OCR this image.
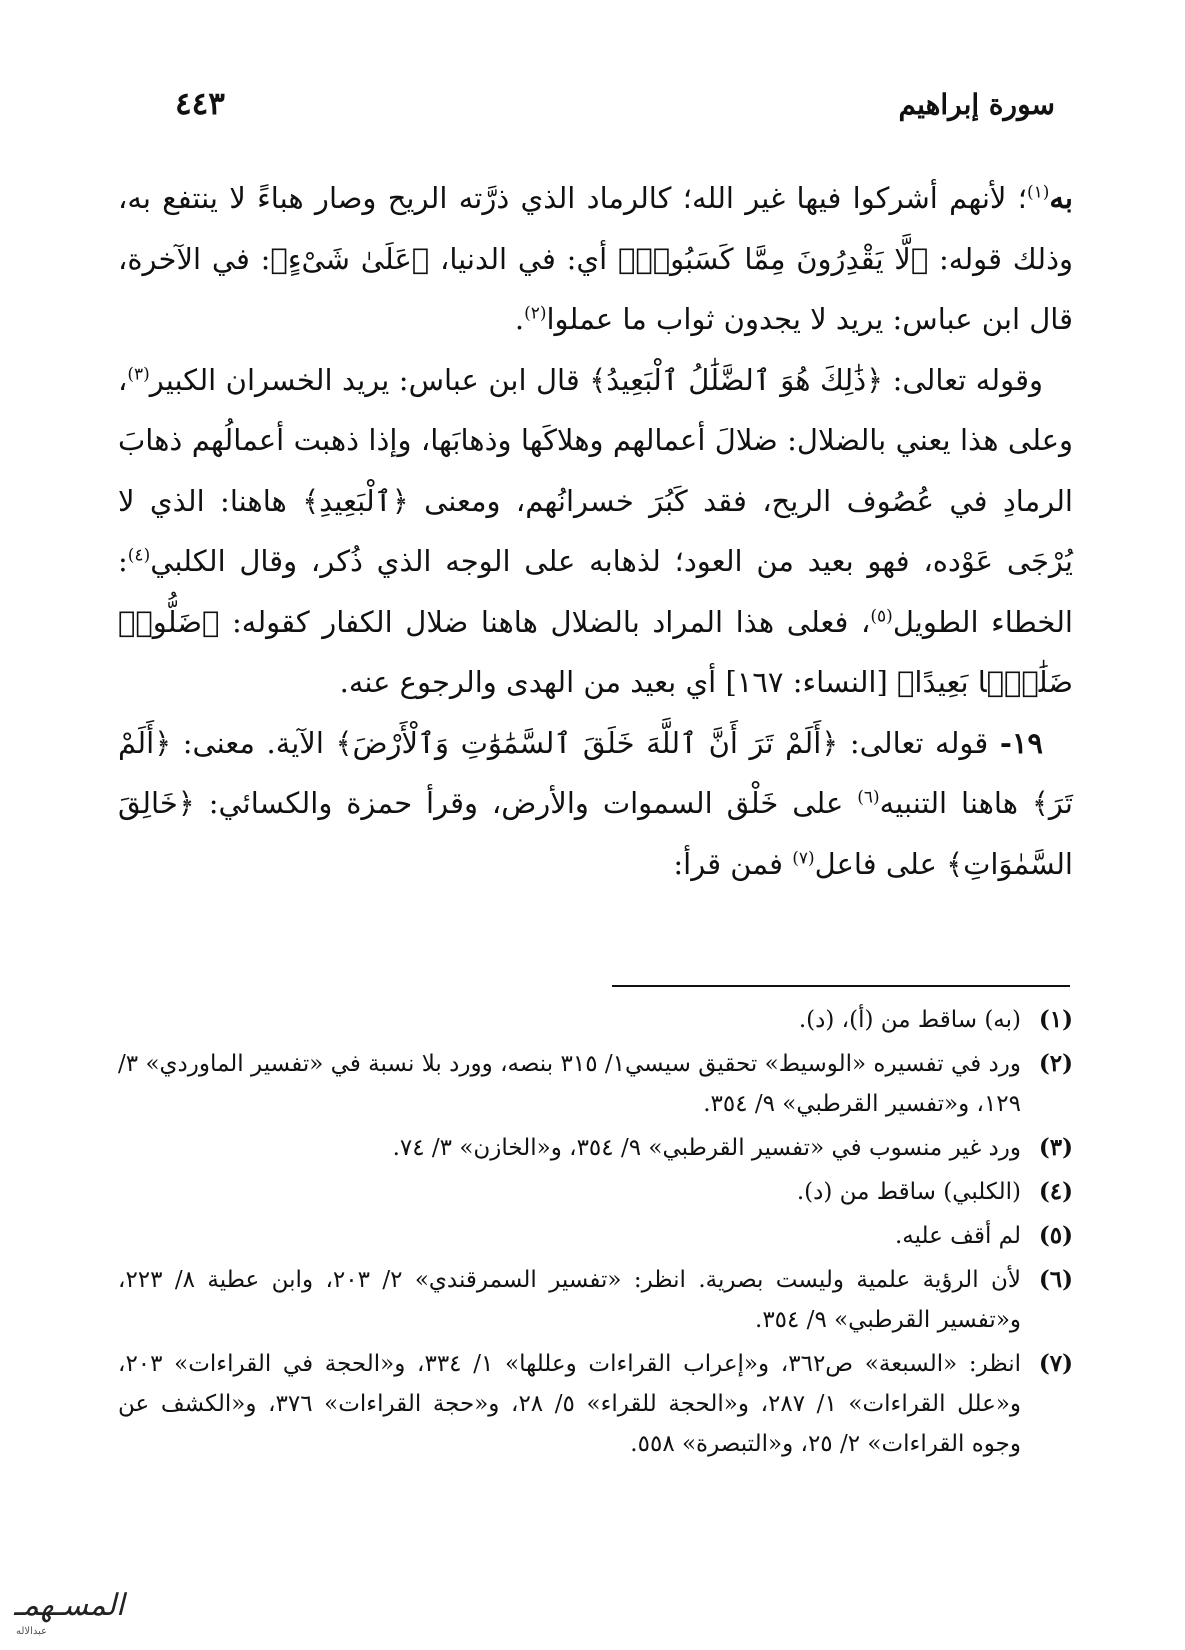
٤٤٣	سورة إبراهيم

به$^{(١)}$؛ لأنهم أشركوا فيها غير الله؛ كالرماد الذي ذرَّته الريح وصار هباءً لا ينتفع به، وذلك قوله: ﴿لَّا يَقْدِرُونَ مِمَّا كَسَبُوا۟﴾ أي: في الدنيا، ﴿عَلَىٰ شَىْءٍ﴾: في الآخرة، قال ابن عباس: يريد لا يجدون ثواب ما عملوا$^{(٢)}$.

وقوله تعالى: ﴿ذَٰلِكَ هُوَ ٱلضَّلَٰلُ ٱلْبَعِيدُ﴾ قال ابن عباس: يريد الخسران الكبير$^{(٣)}$، وعلى هذا يعني بالضلال: ضلالَ أعمالهم وهلاكَها وذهابَها، وإذا ذهبت أعمالُهم ذهابَ الرمادِ في عُصُوف الريح، فقد كَبُرَ خسرانُهم، ومعنى ﴿ٱلْبَعِيدِ﴾ هاهنا: الذي لا يُرْجَى عَوْده، فهو بعيد من العود؛ لذهابه على الوجه الذي ذُكر، وقال الكلبي$^{(٤)}$: الخطاء الطويل$^{(٥)}$، فعلى هذا المراد بالضلال هاهنا ضلال الكفار كقوله: ﴿ضَلُّوا۟ ضَلَٰلًۢا بَعِيدًا﴾ [النساء: ١٦٧] أي بعيد من الهدى والرجوع عنه.

١٩- قوله تعالى: ﴿أَلَمْ تَرَ أَنَّ ٱللَّهَ خَلَقَ ٱلسَّمَٰوَٰتِ وَٱلْأَرْضَ﴾ الآية. معنى: ﴿أَلَمْ تَرَ﴾ هاهنا التنبيه$^{(٦)}$ على خَلْق السموات والأرض، وقرأ حمزة والكسائي: ﴿خَالِقَ السَّمٰوَاتِ﴾ على فاعل$^{(٧)}$ فمن قرأ:

(١)
(به) ساقط من (أ)، (د).
(٢)
ورد في تفسيره «الوسيط» تحقيق سيسي١/ ٣١٥ بنصه، وورد بلا نسبة في «تفسير الماوردي» ٣/ ١٢٩، و«تفسير القرطبي» ٩/ ٣٥٤.
(٣)
ورد غير منسوب في «تفسير القرطبي» ٩/ ٣٥٤، و«الخازن» ٣/ ٧٤.
(٤)
(الكلبي) ساقط من (د).
(٥)
لم أقف عليه.
(٦)
لأن الرؤية علمية وليست بصرية. انظر: «تفسير السمرقندي» ٢/ ٢٠٣، وابن عطية ٨/ ٢٢٣، و«تفسير القرطبي» ٩/ ٣٥٤.
(٧)
انظر: «السبعة» ص٣٦٢، و«إعراب القراءات وعللها» ١/ ٣٣٤، و«الحجة في القراءات» ٢٠٣، و«علل القراءات» ١/ ٢٨٧، و«الحجة للقراء» ٥/ ٢٨، و«حجة القراءات» ٣٧٦، و«الكشف عن وجوه القراءات» ٢/ ٢٥، و«التبصرة» ٥٥٨.
المسـهمـ
عبدالاله
